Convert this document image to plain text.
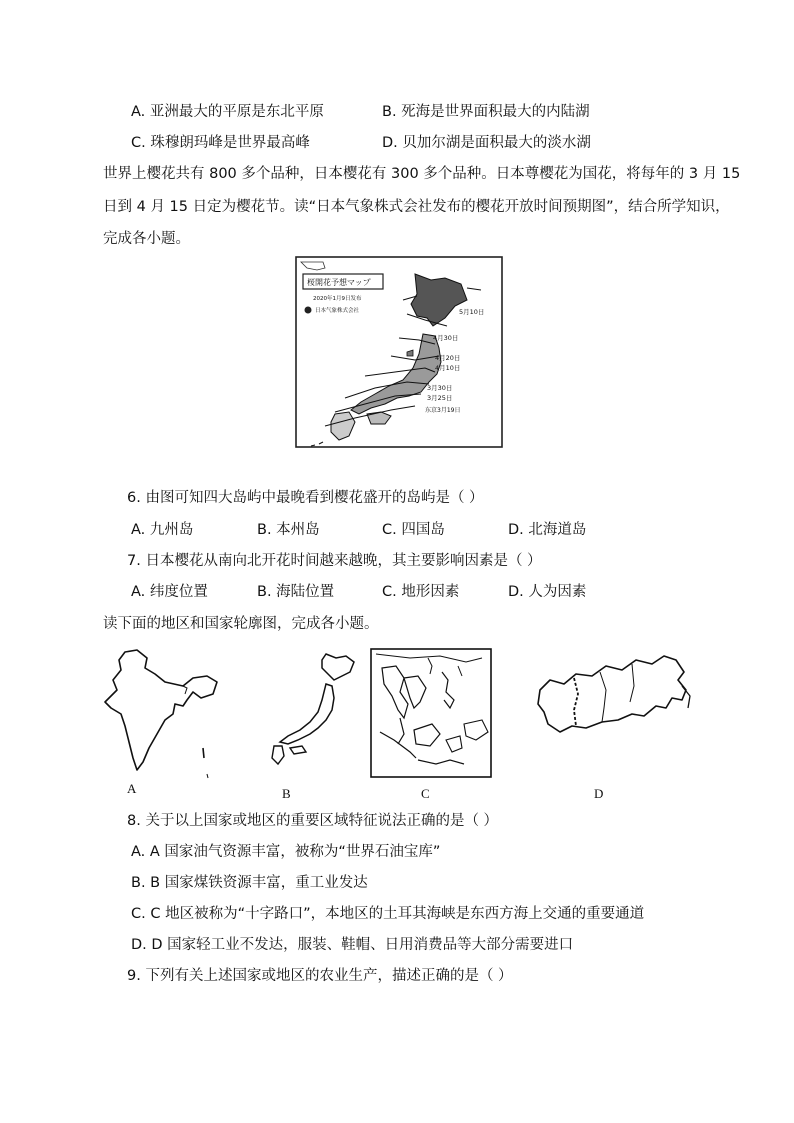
A. 亚洲最大的平原是东北平原	B. 死海是世界面积最大的内陆湖
C. 珠穆朗玛峰是世界最高峰	D. 贝加尔湖是面积最大的淡水湖
世界上樱花共有 800 多个品种，日本樱花有 300 多个品种。日本尊樱花为国花，将每年的 3 月 15
日到 4 月 15 日定为樱花节。读“日本气象株式会社发布的樱花开放时间预期图”，结合所学知识，
完成各小题。
桜開花予想マップ
2020年1月9日发布
日本气象株式会社	5月10日
4月30日
4月20日
4月10日
3月30日
3月25日
东京3月19日
6. 由图可知四大岛屿中最晚看到樱花盛开的岛屿是（ ）
A. 九州岛	B. 本州岛	C. 四国岛	D. 北海道岛
7. 日本樱花从南向北开花时间越来越晚，其主要影响因素是（ ）
A. 纬度位置	B. 海陆位置	C. 地形因素	D. 人为因素
读下面的地区和国家轮廓图，完成各小题。
A	B	C	D
8. 关于以上国家或地区的重要区域特征说法正确的是（ ）
A. A 国家油气资源丰富，被称为“世界石油宝库”
B. B 国家煤铁资源丰富，重工业发达
C. C 地区被称为“十字路口”，本地区的土耳其海峡是东西方海上交通的重要通道
D. D 国家轻工业不发达，服装、鞋帽、日用消费品等大部分需要进口
9. 下列有关上述国家或地区的农业生产，描述正确的是（ ）
